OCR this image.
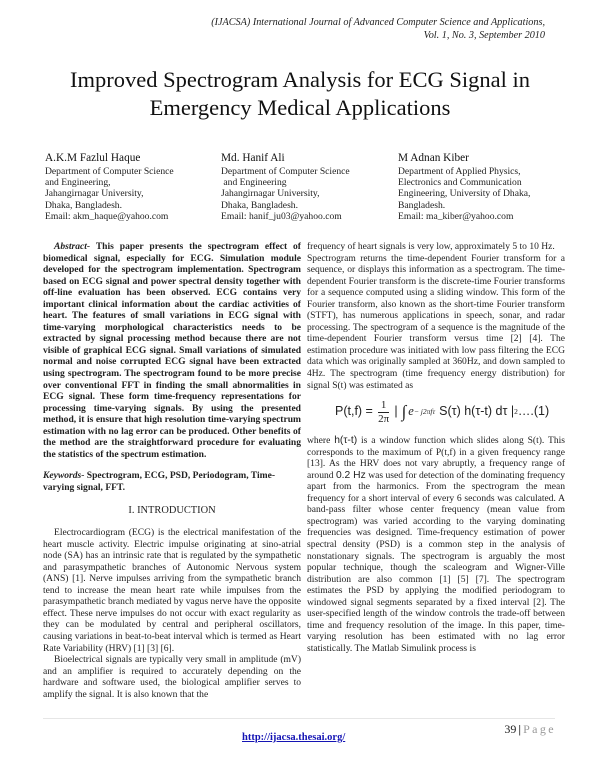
(IJACSA) International Journal of Advanced Computer Science and Applications,
Vol. 1, No. 3, September 2010
Improved Spectrogram Analysis for ECG Signal in
Emergency Medical Applications
A.K.M Fazlul Haque
Department of Computer Science
and Engineering,
Jahangirnagar University,
Dhaka, Bangladesh.
Email: akm_haque@yahoo.com
Md. Hanif Ali
Department of Computer Science
and Engineering
Jahangirnagar University,
Dhaka, Bangladesh.
Email: hanif_ju03@yahoo.com
M Adnan Kiber
Department of Applied Physics,
Electronics and Communication
Engineering, University of Dhaka,
Bangladesh.
Email: ma_kiber@yahoo.com

Abstract- This paper presents the spectrogram effect of biomedical signal, especially for ECG. Simulation module developed for the spectrogram implementation. Spectrogram based on ECG signal and power spectral density together with off-line evaluation has been observed. ECG contains very important clinical information about the cardiac activities of heart. The features of small variations in ECG signal with time-varying morphological characteristics needs to be extracted by signal processing method because there are not visible of graphical ECG signal. Small variations of simulated normal and noise corrupted ECG signal have been extracted using spectrogram. The spectrogram found to be more precise over conventional FFT in finding the small abnormalities in ECG signal. These form time-frequency representations for processing time-varying signals. By using the presented method, it is ensure that high resolution time-varying spectrum estimation with no lag error can be produced. Other benefits of the method are the straightforward procedure for evaluating the statistics of the spectrum estimation.

Keywords- Spectrogram, ECG, PSD, Periodogram, Time-varying signal, FFT.

I. INTRODUCTION

Electrocardiogram (ECG) is the electrical manifestation of the heart muscle activity. Electric impulse originating at sino-atrial node (SA) has an intrinsic rate that is regulated by the sympathetic and parasympathetic branches of Autonomic Nervous system (ANS) [1]. Nerve impulses arriving from the sympathetic branch tend to increase the mean heart rate while impulses from the parasympathetic branch mediated by vagus nerve have the opposite effect. These nerve impulses do not occur with exact regularity as they can be modulated by central and peripheral oscillators, causing variations in beat-to-beat interval which is termed as Heart Rate Variability (HRV) [1] [3] [6].

Bioelectrical signals are typically very small in amplitude (mV) and an amplifier is required to accurately depending on the hardware and software used, the biological amplifier serves to amplify the signal. It is also known that the

frequency of heart signals is very low, approximately 5 to 10 Hz.

Spectrogram returns the time-dependent Fourier transform for a sequence, or displays this information as a spectrogram. The time-dependent Fourier transform is the discrete-time Fourier transforms for a sequence computed using a sliding window. This form of the Fourier transform, also known as the short-time Fourier transform (STFT), has numerous applications in speech, sonar, and radar processing. The spectrogram of a sequence is the magnitude of the time-dependent Fourier transform versus time [2] [4]. The estimation procedure was initiated with low pass filtering the ECG data which was originally sampled at 360Hz, and down sampled to 4Hz. The spectrogram (time frequency energy distribution) for signal S(t) was estimated as

$P(t,f) = \frac{1}{2\pi}$ | ∫ e − j2πfτ S(τ) h(τ-t) dτ | 2 ….(1)

where h(τ-t) is a window function which slides along S(t). This corresponds to the maximum of P(t,f) in a given frequency range [13]. As the HRV does not vary abruptly, a frequency range of around 0.2 Hz was used for detection of the dominating frequency apart from the harmonics. From the spectrogram the mean frequency for a short interval of every 6 seconds was calculated. A band-pass filter whose center frequency (mean value from spectrogram) was varied according to the varying dominating frequencies was designed. Time-frequency estimation of power spectral density (PSD) is a common step in the analysis of nonstationary signals. The spectrogram is arguably the most popular technique, though the scaleogram and Wigner-Ville distribution are also common [1] [5] [7]. The spectrogram estimates the PSD by applying the modified periodogram to windowed signal segments separated by a fixed interval [2]. The user-specified length of the window controls the trade-off between time and frequency resolution of the image. In this paper, time-varying resolution has been estimated with no lag error statistically. The Matlab Simulink process is

39 | Page
http://ijacsa.thesai.org/
